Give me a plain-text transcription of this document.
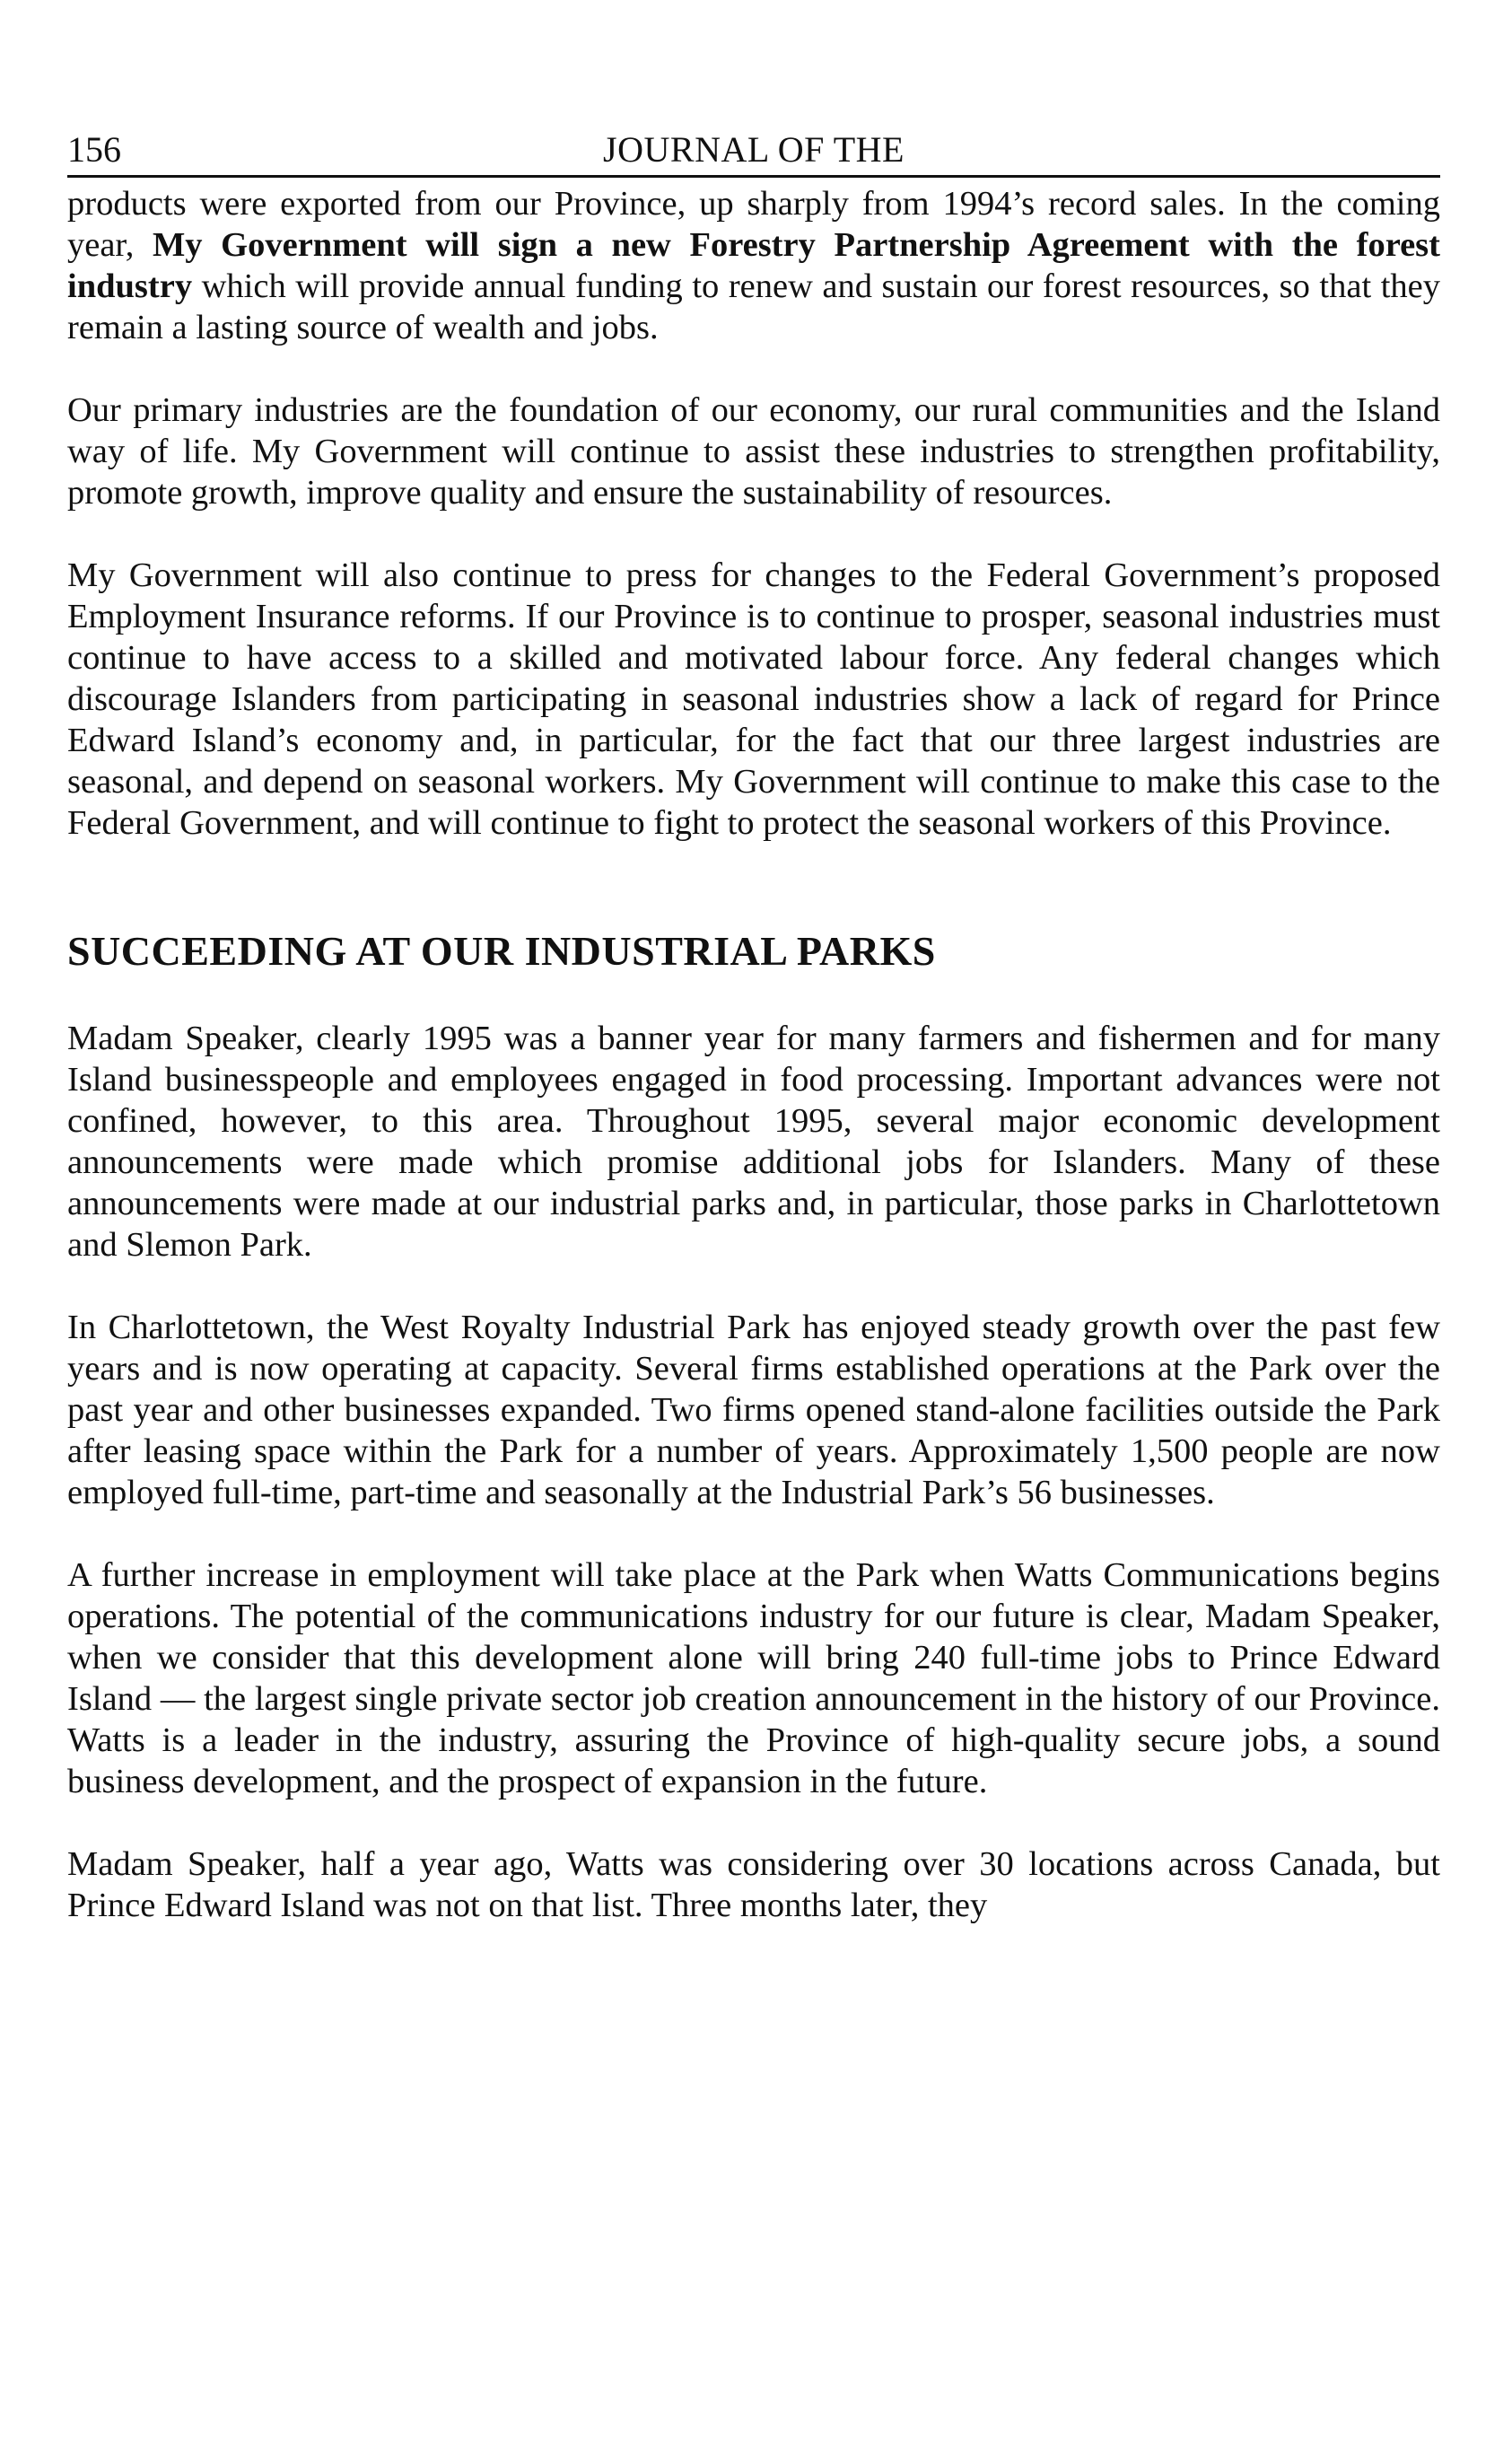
156	JOURNAL OF THE

products were exported from our Province, up sharply from 1994’s record sales. In the coming year, My Government will sign a new Forestry Partnership Agreement with the forest industry which will provide annual funding to renew and sustain our forest resources, so that they remain a lasting source of wealth and jobs.

Our primary industries are the foundation of our economy, our rural communities and the Island way of life. My Government will continue to assist these industries to strengthen profitability, promote growth, improve quality and ensure the sustainability of resources.

My Government will also continue to press for changes to the Federal Government’s proposed Employment Insurance reforms. If our Province is to continue to prosper, seasonal industries must continue to have access to a skilled and motivated labour force. Any federal changes which discourage Islanders from participating in seasonal industries show a lack of regard for Prince Edward Island’s economy and, in particular, for the fact that our three largest industries are seasonal, and depend on seasonal workers. My Government will continue to make this case to the Federal Government, and will continue to fight to protect the seasonal workers of this Province.

SUCCEEDING AT OUR INDUSTRIAL PARKS

Madam Speaker, clearly 1995 was a banner year for many farmers and fishermen and for many Island businesspeople and employees engaged in food processing. Important advances were not confined, however, to this area. Throughout 1995, several major economic development announcements were made which promise additional jobs for Islanders. Many of these announcements were made at our industrial parks and, in particular, those parks in Charlottetown and Slemon Park.

In Charlottetown, the West Royalty Industrial Park has enjoyed steady growth over the past few years and is now operating at capacity. Several firms established operations at the Park over the past year and other businesses expanded. Two firms opened stand-alone facilities outside the Park after leasing space within the Park for a number of years. Approximately 1,500 people are now employed full-time, part-time and seasonally at the Industrial Park’s 56 businesses.

A further increase in employment will take place at the Park when Watts Communications begins operations. The potential of the communications industry for our future is clear, Madam Speaker, when we consider that this development alone will bring 240 full-time jobs to Prince Edward Island — the largest single private sector job creation announcement in the history of our Province. Watts is a leader in the industry, assuring the Province of high-quality secure jobs, a sound business development, and the prospect of expansion in the future.

Madam Speaker, half a year ago, Watts was considering over 30 locations across Canada, but Prince Edward Island was not on that list. Three months later, they
